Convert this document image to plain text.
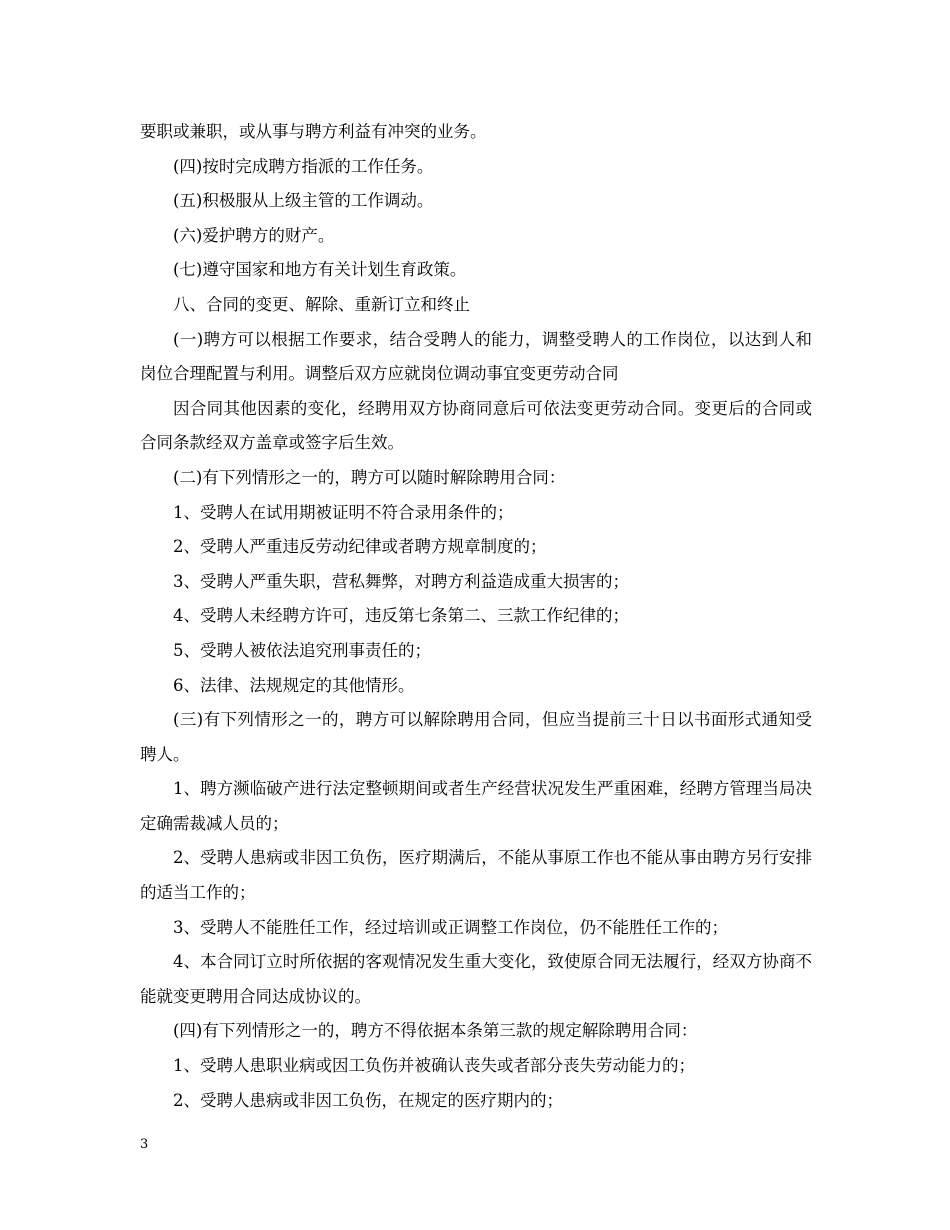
要职或兼职，或从事与聘方利益有冲突的业务。

(四)按时完成聘方指派的工作任务。

(五)积极服从上级主管的工作调动。

(六)爱护聘方的财产。

(七)遵守国家和地方有关计划生育政策。

八、合同的变更、解除、重新订立和终止

(一)聘方可以根据工作要求，结合受聘人的能力，调整受聘人的工作岗位，以达到人和岗位合理配置与利用。调整后双方应就岗位调动事宜变更劳动合同

因合同其他因素的变化，经聘用双方协商同意后可依法变更劳动合同。变更后的合同或合同条款经双方盖章或签字后生效。

(二)有下列情形之一的，聘方可以随时解除聘用合同：

1、受聘人在试用期被证明不符合录用条件的；

2、受聘人严重违反劳动纪律或者聘方规章制度的；

3、受聘人严重失职，营私舞弊，对聘方利益造成重大损害的；

4、受聘人未经聘方许可，违反第七条第二、三款工作纪律的；

5、受聘人被依法追究刑事责任的；

6、法律、法规规定的其他情形。

(三)有下列情形之一的，聘方可以解除聘用合同，但应当提前三十日以书面形式通知受聘人。

1、聘方濒临破产进行法定整顿期间或者生产经营状况发生严重困难，经聘方管理当局决定确需裁减人员的；

2、受聘人患病或非因工负伤，医疗期满后，不能从事原工作也不能从事由聘方另行安排的适当工作的；

3、受聘人不能胜任工作，经过培训或正调整工作岗位，仍不能胜任工作的；

4、本合同订立时所依据的客观情况发生重大变化，致使原合同无法履行，经双方协商不能就变更聘用合同达成协议的。

(四)有下列情形之一的，聘方不得依据本条第三款的规定解除聘用合同：

1、受聘人患职业病或因工负伤并被确认丧失或者部分丧失劳动能力的；

2、受聘人患病或非因工负伤，在规定的医疗期内的；

3
